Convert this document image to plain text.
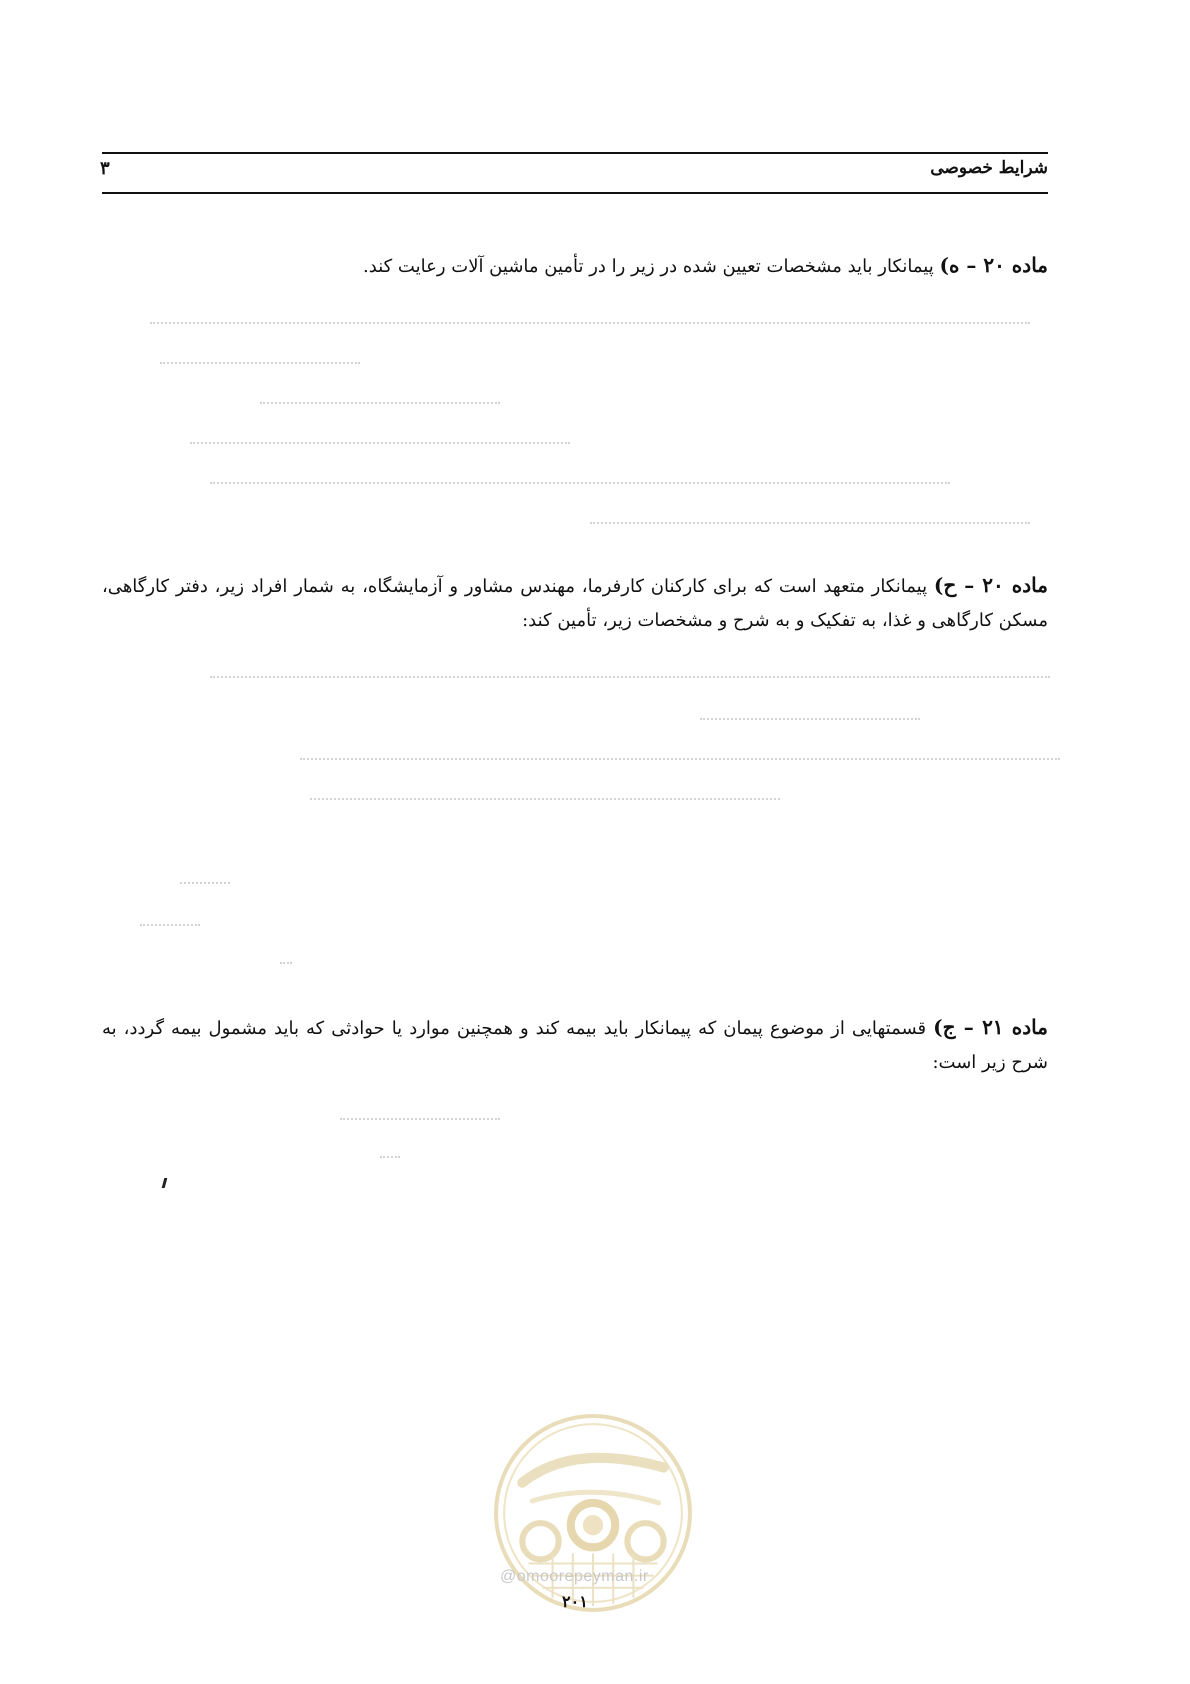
شرایط خصوصی
۳
ماده ۲۰ – ه) پیمانکار باید مشخصات تعیین شده در زیر را در تأمین ماشین آلات رعایت کند.
ماده ۲۰ – ح) پیمانکار متعهد است که برای کارکنان کارفرما، مهندس مشاور و آزمایشگاه، به شمار افراد زیر، دفتر کارگاهی، مسکن کارگاهی و غذا، به تفکیک و به شرح و مشخصات زیر، تأمین کند:
ماده ۲۱ – ج) قسمتهایی از موضوع پیمان که پیمانکار باید بیمه کند و همچنین موارد یا حوادثی که باید مشمول بیمه گردد، به شرح زیر است:
@omoorepeyman.ir
۲۰۱
